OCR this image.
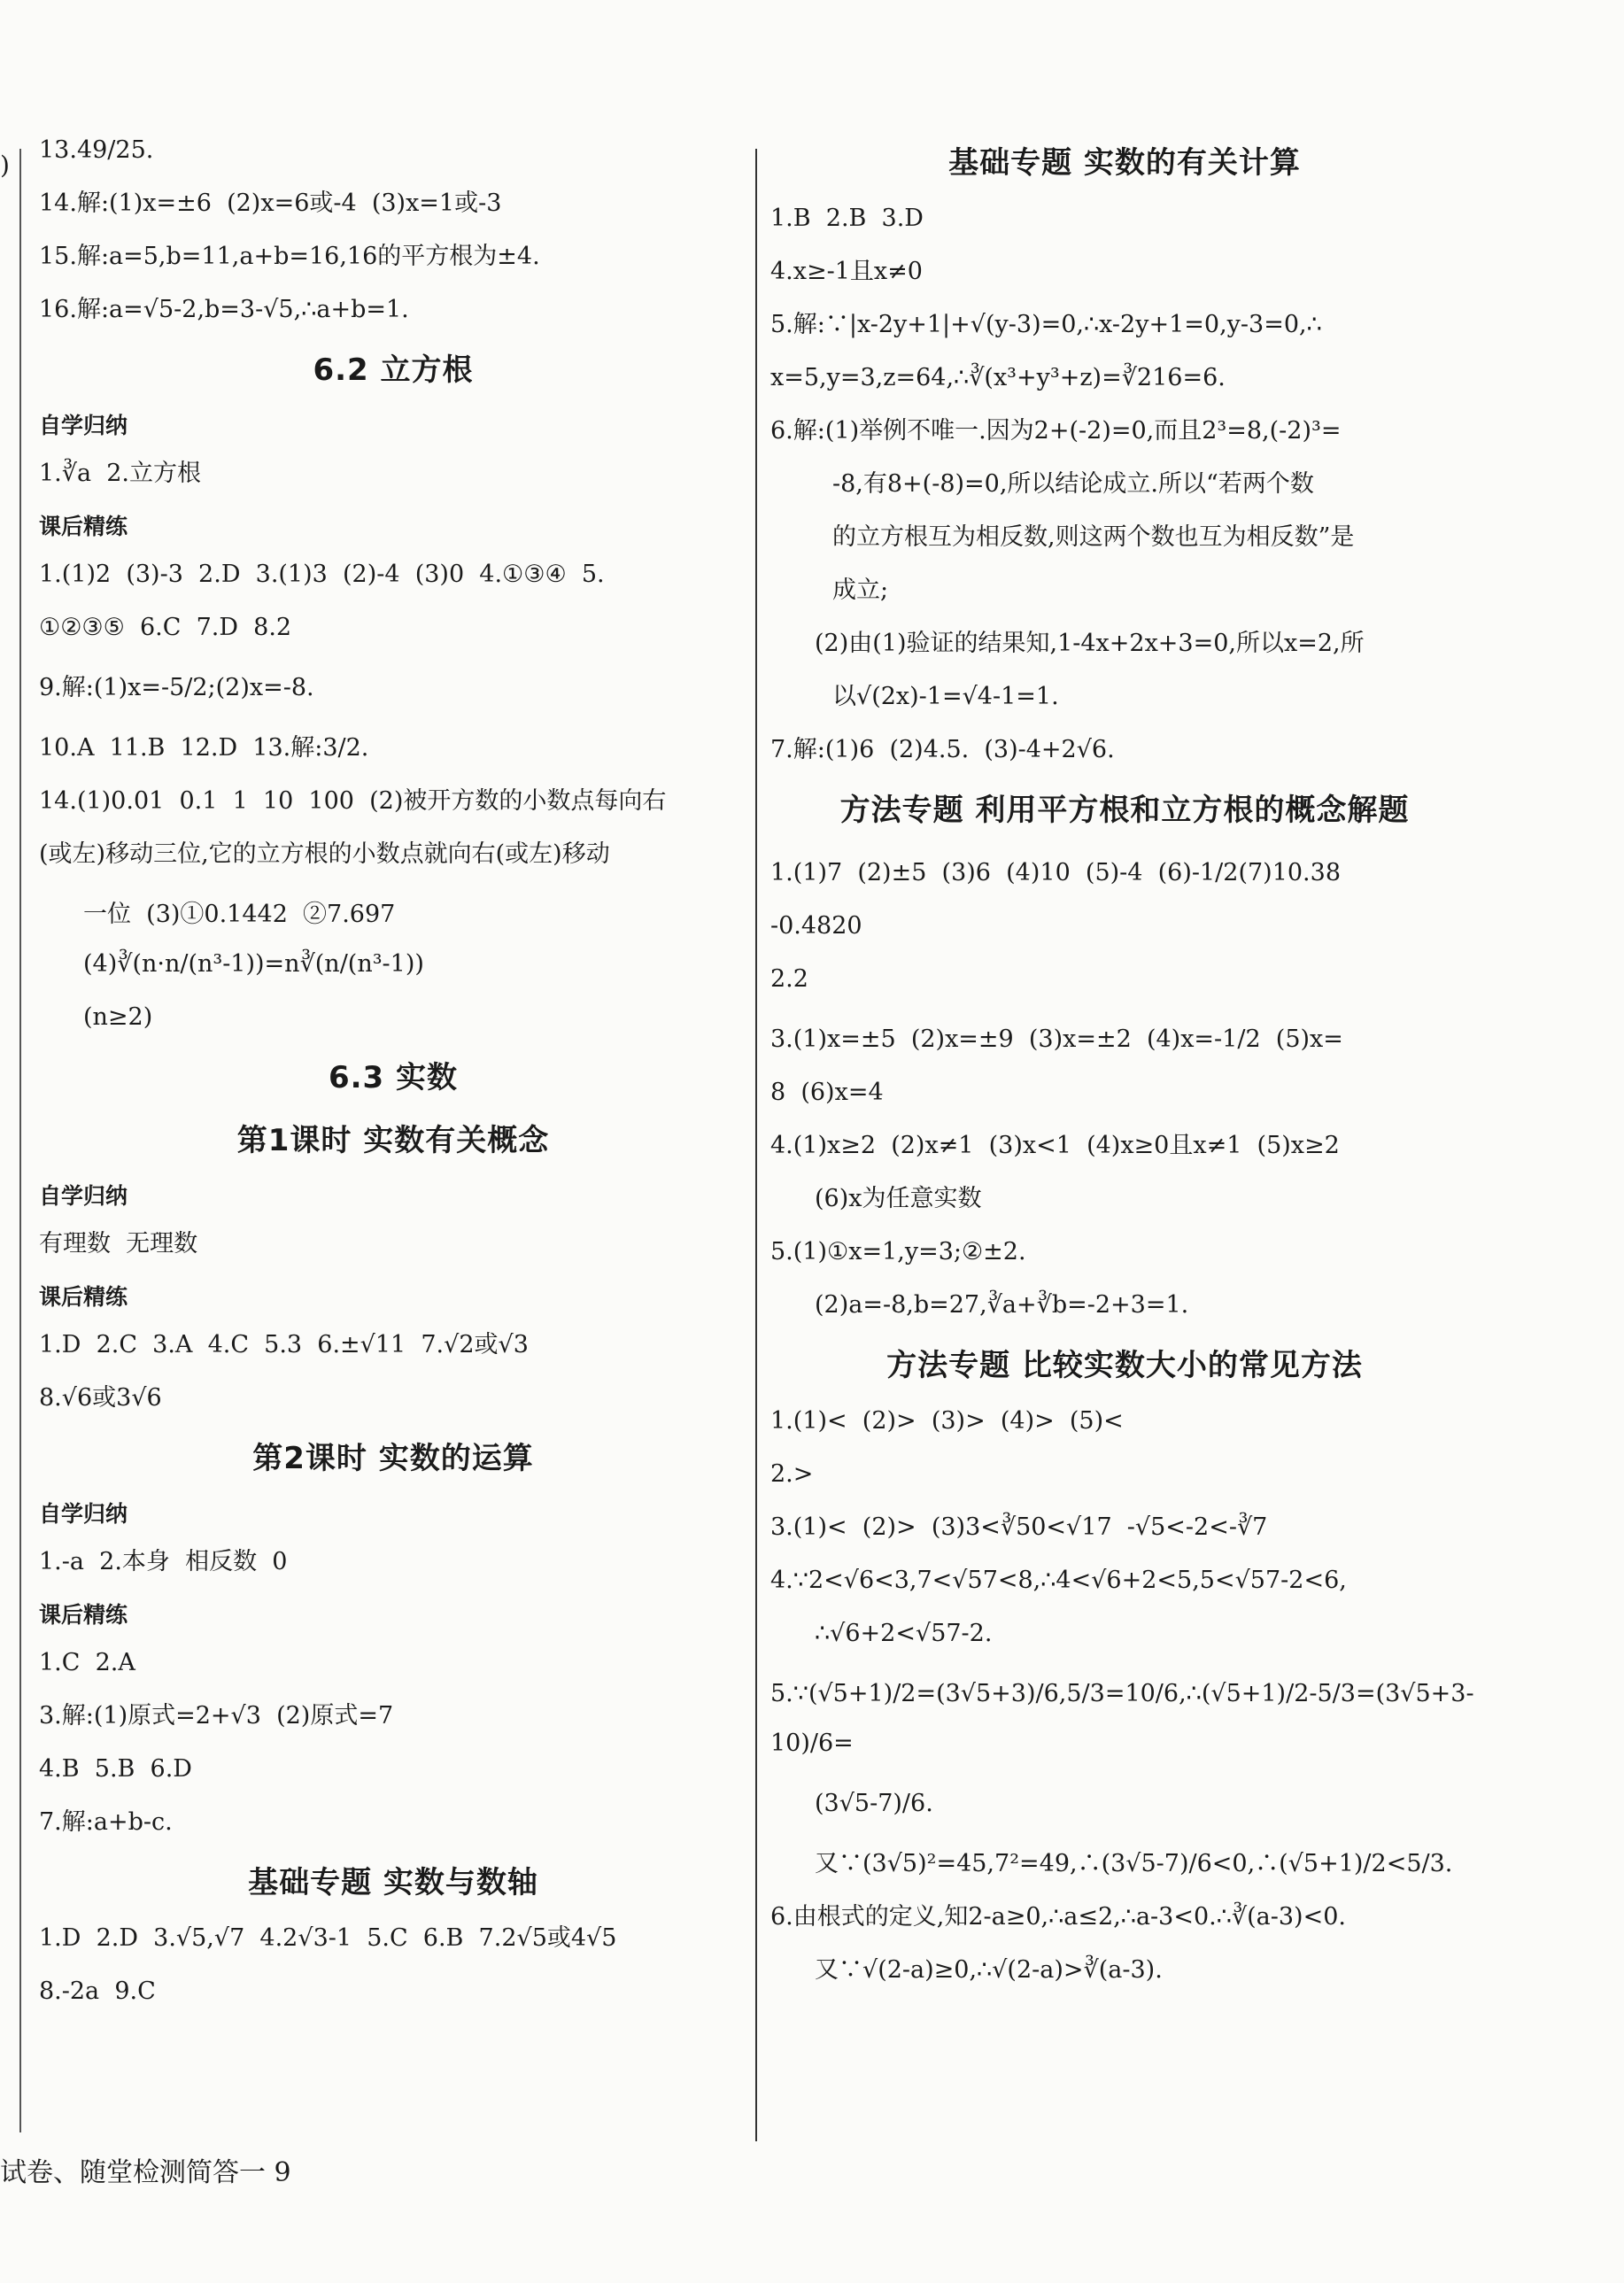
)
13.49/25.
14.解:(1)x=±6  (2)x=6或-4  (3)x=1或-3
15.解:a=5,b=11,a+b=16,16的平方根为±4.
16.解:a=√5-2,b=3-√5,∴a+b=1.
6.2 立方根
自学归纳
1.∛a  2.立方根
课后精练
1.(1)2  (3)-3  2.D  3.(1)3  (2)-4  (3)0  4.①③④  5.
①②③⑤  6.C  7.D  8.2
9.解:(1)x=-5/2;(2)x=-8.
10.A  11.B  12.D  13.解:3/2.
14.(1)0.01  0.1  1  10  100  (2)被开方数的小数点每向右
(或左)移动三位,它的立方根的小数点就向右(或左)移动
一位  (3)①0.1442  ②7.697  (4)∛(n·n/(n³-1))=n∛(n/(n³-1))
(n≥2)
6.3 实数
第1课时 实数有关概念
自学归纳
有理数  无理数
课后精练
1.D  2.C  3.A  4.C  5.3  6.±√11  7.√2或√3
8.√6或3√6
第2课时 实数的运算
自学归纳
1.-a  2.本身  相反数  0
课后精练
1.C  2.A
3.解:(1)原式=2+√3  (2)原式=7
4.B  5.B  6.D
7.解:a+b-c.
基础专题 实数与数轴
1.D  2.D  3.√5,√7  4.2√3-1  5.C  6.B  7.2√5或4√5
8.-2a  9.C
基础专题 实数的有关计算
1.B  2.B  3.D
4.x≥-1且x≠0
5.解:∵|x-2y+1|+√(y-3)=0,∴x-2y+1=0,y-3=0,∴
x=5,y=3,z=64,∴∛(x³+y³+z)=∛216=6.
6.解:(1)举例不唯一.因为2+(-2)=0,而且2³=8,(-2)³=
-8,有8+(-8)=0,所以结论成立.所以“若两个数
的立方根互为相反数,则这两个数也互为相反数”是
成立;
(2)由(1)验证的结果知,1-4x+2x+3=0,所以x=2,所
以√(2x)-1=√4-1=1.
7.解:(1)6  (2)4.5.  (3)-4+2√6.
方法专题 利用平方根和立方根的概念解题
1.(1)7  (2)±5  (3)6  (4)10  (5)-4  (6)-1/2(7)10.38
-0.4820
2.2
3.(1)x=±5  (2)x=±9  (3)x=±2  (4)x=-1/2  (5)x=
8  (6)x=4
4.(1)x≥2  (2)x≠1  (3)x<1  (4)x≥0且x≠1  (5)x≥2
(6)x为任意实数
5.(1)①x=1,y=3;②±2.
(2)a=-8,b=27,∛a+∛b=-2+3=1.
方法专题 比较实数大小的常见方法
1.(1)<  (2)>  (3)>  (4)>  (5)<
2.>
3.(1)<  (2)>  (3)3<∛50<√17  -√5<-2<-∛7
4.∵2<√6<3,7<√57<8,∴4<√6+2<5,5<√57-2<6,
∴√6+2<√57-2.
5.∵(√5+1)/2=(3√5+3)/6,5/3=10/6,∴(√5+1)/2-5/3=(3√5+3-10)/6=
(3√5-7)/6.
又∵(3√5)²=45,7²=49,∴(3√5-7)/6<0,∴(√5+1)/2<5/3.
6.由根式的定义,知2-a≥0,∴a≤2,∴a-3<0.∴∛(a-3)<0.
又∵√(2-a)≥0,∴√(2-a)>∛(a-3).
试卷、随堂检测简答一 9
